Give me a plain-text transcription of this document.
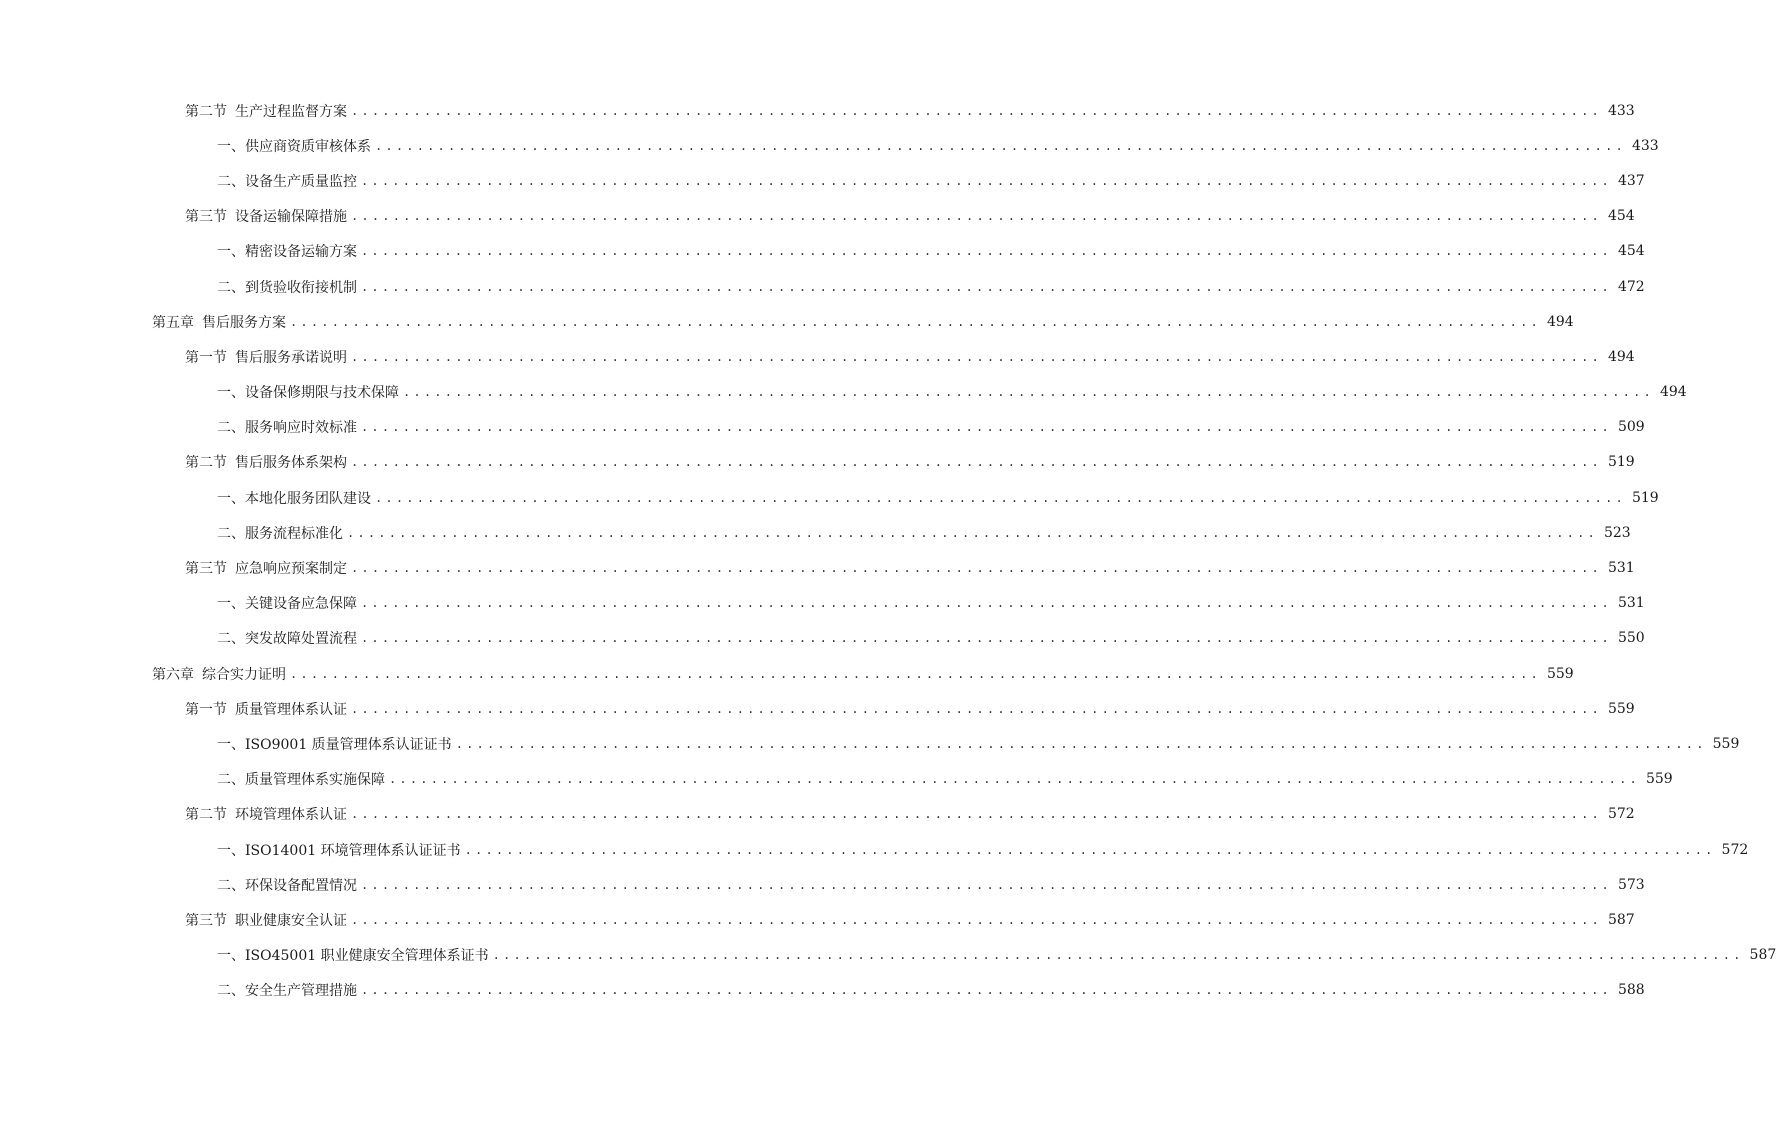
第二节 生产过程监督方案 ........................................................................................................................ 433
一、 供应商资质审核体系 ........................................................................................................................ 433
二、 设备生产质量监控 ........................................................................................................................ 437
第三节 设备运输保障措施 ........................................................................................................................ 454
一、 精密设备运输方案 ........................................................................................................................ 454
二、 到货验收衔接机制 ........................................................................................................................ 472
第五章 售后服务方案 ........................................................................................................................ 494
第一节 售后服务承诺说明 ........................................................................................................................ 494
一、 设备保修期限与技术保障 ........................................................................................................................ 494
二、 服务响应时效标准 ........................................................................................................................ 509
第二节 售后服务体系架构 ........................................................................................................................ 519
一、 本地化服务团队建设 ........................................................................................................................ 519
二、 服务流程标准化 ........................................................................................................................ 523
第三节 应急响应预案制定 ........................................................................................................................ 531
一、 关键设备应急保障 ........................................................................................................................ 531
二、 突发故障处置流程 ........................................................................................................................ 550
第六章 综合实力证明 ........................................................................................................................ 559
第一节 质量管理体系认证 ........................................................................................................................ 559
一、 ISO9001 质量管理体系认证证书 ........................................................................................................................ 559
二、 质量管理体系实施保障 ........................................................................................................................ 559
第二节 环境管理体系认证 ........................................................................................................................ 572
一、 ISO14001 环境管理体系认证证书 ........................................................................................................................ 572
二、 环保设备配置情况 ........................................................................................................................ 573
第三节 职业健康安全认证 ........................................................................................................................ 587
一、 ISO45001 职业健康安全管理体系证书 ........................................................................................................................ 587
二、 安全生产管理措施 ........................................................................................................................ 588
